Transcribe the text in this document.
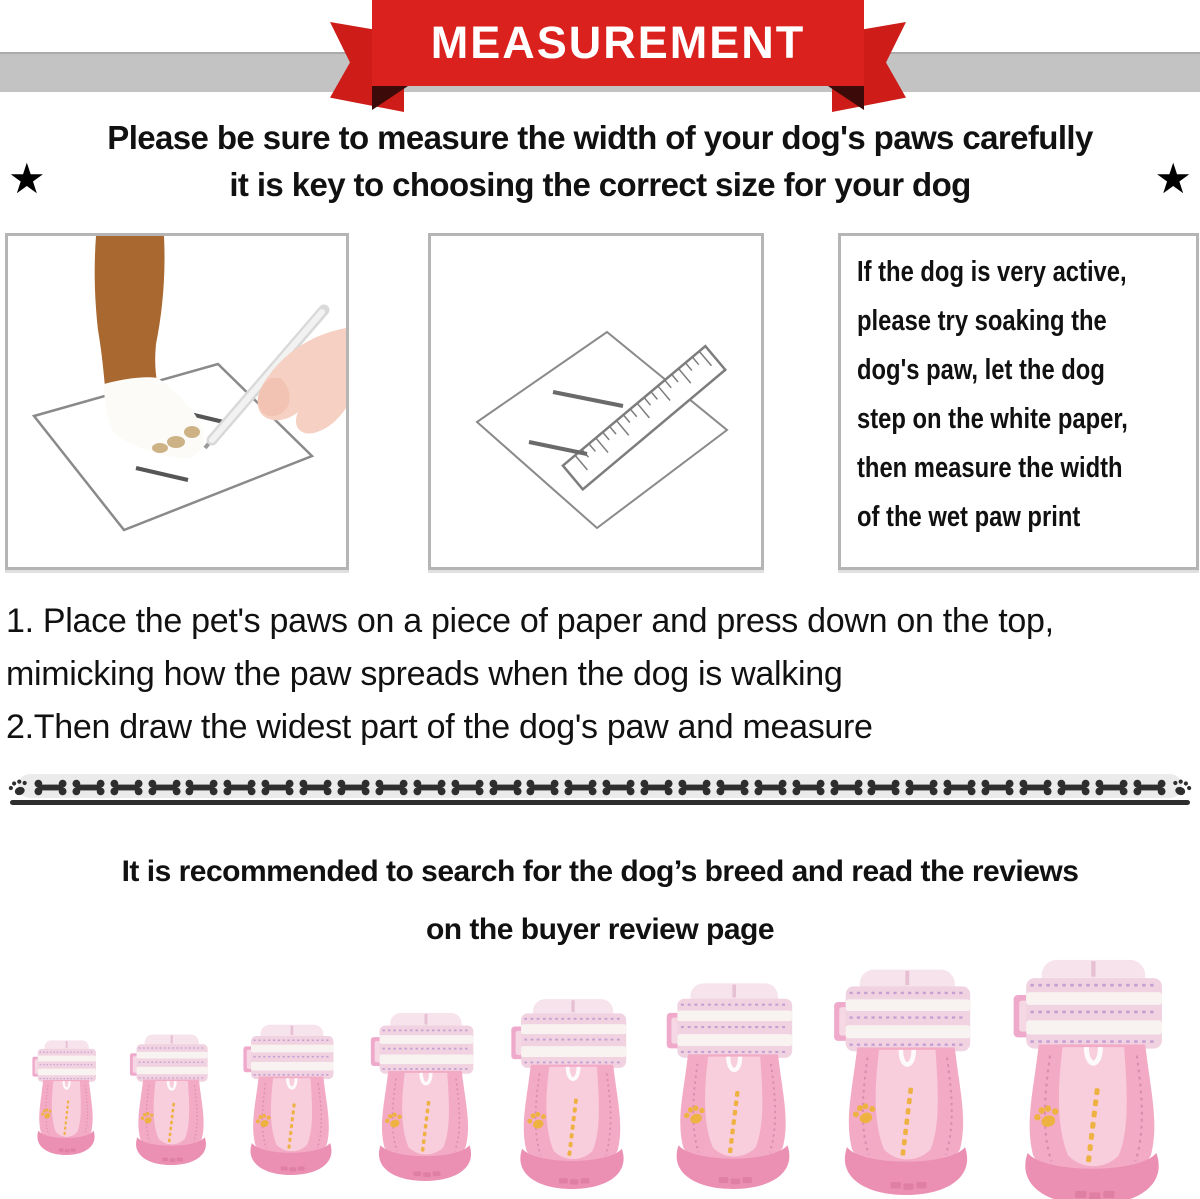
MEASUREMENT
Please be sure to measure the width of your dog's paws carefully
it is key to choosing the correct size for your dog
★	★
If the dog is very active,
please try soaking the
dog's paw, let the dog
step on the white paper,
then measure the width
of the wet paw print
1. Place the pet's paws on a piece of paper and press down on the top,
mimicking how the paw spreads when the dog is walking
2.Then draw the widest part of the dog's paw and measure
It is recommended to search for the dog’s breed and read the reviews
on the buyer review page
